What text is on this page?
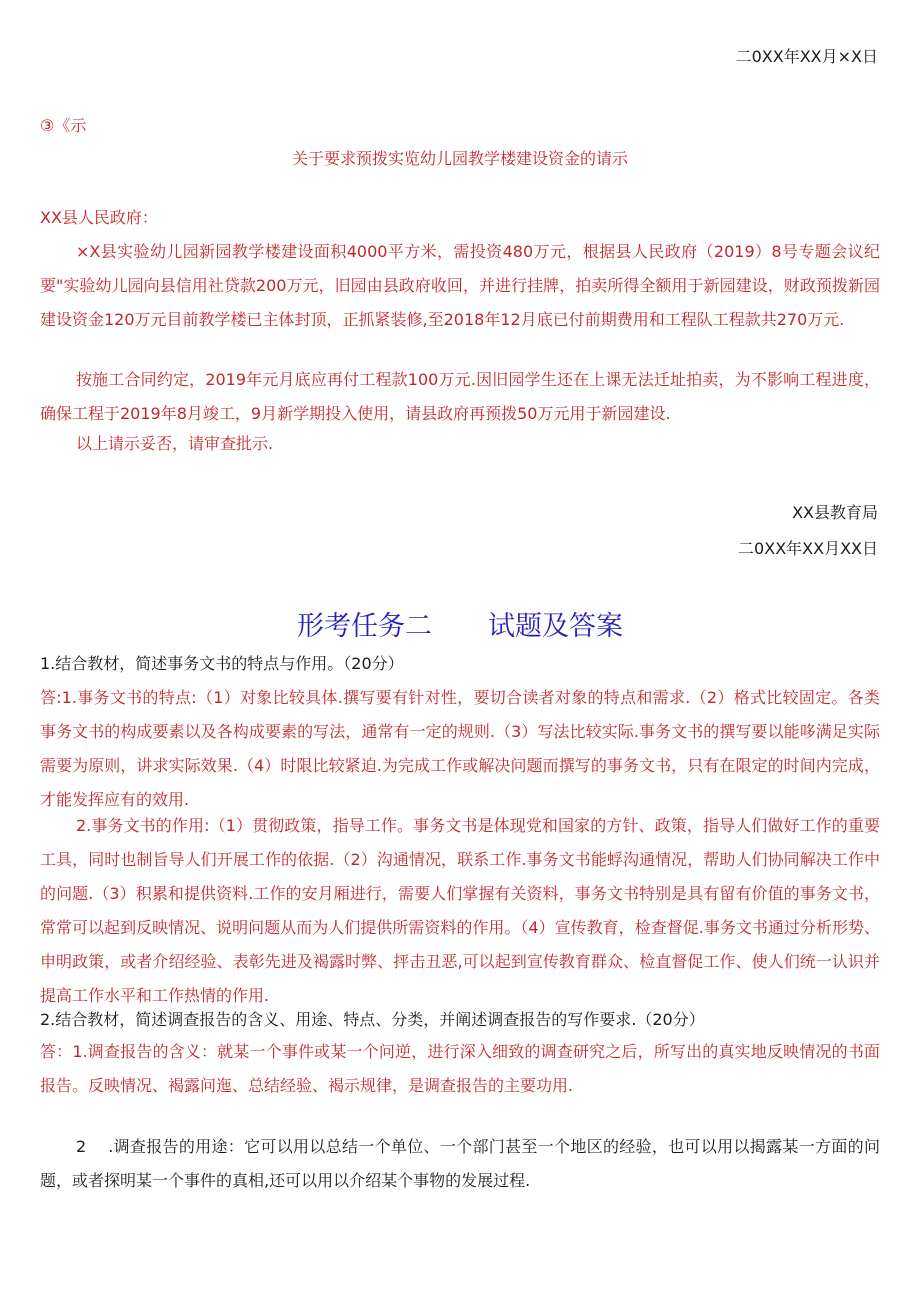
二0XX年XX月×X日
③《示
关于要求预拨实览幼儿园教学楼建设资金的请示
XX县人民政府：
×X县实验幼儿园新园教学楼建设面积4000平方米，需投资480万元，根据县人民政府（2019）8号专题会议纪要"实验幼儿园向县信用社贷款200万元，旧园由县政府收回，并进行挂牌，拍卖所得全额用于新园建设，财政预拨新园建设资金120万元目前教学楼已主体封顶，正抓紧装修,至2018年12月底已付前期费用和工程队工程款共270万元.
按施工合同约定，2019年元月底应再付工程款100万元.因旧园学生还在上课无法迁址拍卖，为不影响工程进度，确保工程于2019年8月竣工，9月新学期投入使用，请县政府再预拨50万元用于新园建设.
以上请示妥否，请审查批示.
XX县教育局
二0XX年XX月XX日
形考任务二 试题及答案
1.结合教材，简述事务文书的特点与作用。（20分）
答:1.事务文书的特点:（1）对象比较具体.撰写要有针对性，要切合读者对象的特点和需求.（2）格式比较固定。各类事务文书的构成要素以及各构成要素的写法，通常有一定的规则.（3）写法比较实际.事务文书的撰写要以能哆满足实际需要为原则，讲求实际效果.（4）时限比较紧迫.为完成工作或解决问题而撰写的事务文书，只有在限定的时间内完成，才能发挥应有的效用.
2.事务文书的作用:（1）贯彻政策，指导工作。事务文书是体现党和国家的方针、政策，指导人们做好工作的重要工具，同时也制旨导人们开展工作的依据.（2）沟通情况，联系工作.事务文书能蜉沟通情况，帮助人们协同解决工作中的问题.（3）积累和提供资料.工作的安月厢进行，需要人们掌握有关资料，事务文书特别是具有留有价值的事务文书，常常可以起到反映情况、说明问题从而为人们提供所需资料的作用。（4）宣传教育，检查督促.事务文书通过分析形势、申明政策，或者介绍经验、表彰先进及褐露时弊、抨击丑恶,可以起到宣传教育群众、检直督促工作、使人们统一认识并提高工作水平和工作热情的作用.
2.结合教材，简述调查报告的含义、用途、特点、分类，并阐述调查报告的写作要求.（20分）
答：1.调查报告的含义：就某一个事件或某一个问逆，进行深入细致的调查研究之后，所写出的真实地反映情况的书面报告。反映情况、褐露问迤、总结经验、褐示规律，是调查报告的主要功用.
2 .调查报告的用途：它可以用以总结一个单位、一个部门甚至一个地区的经验，也可以用以揭露某一方面的问题，或者探明某一个事件的真相,还可以用以介绍某个事物的发展过程.
